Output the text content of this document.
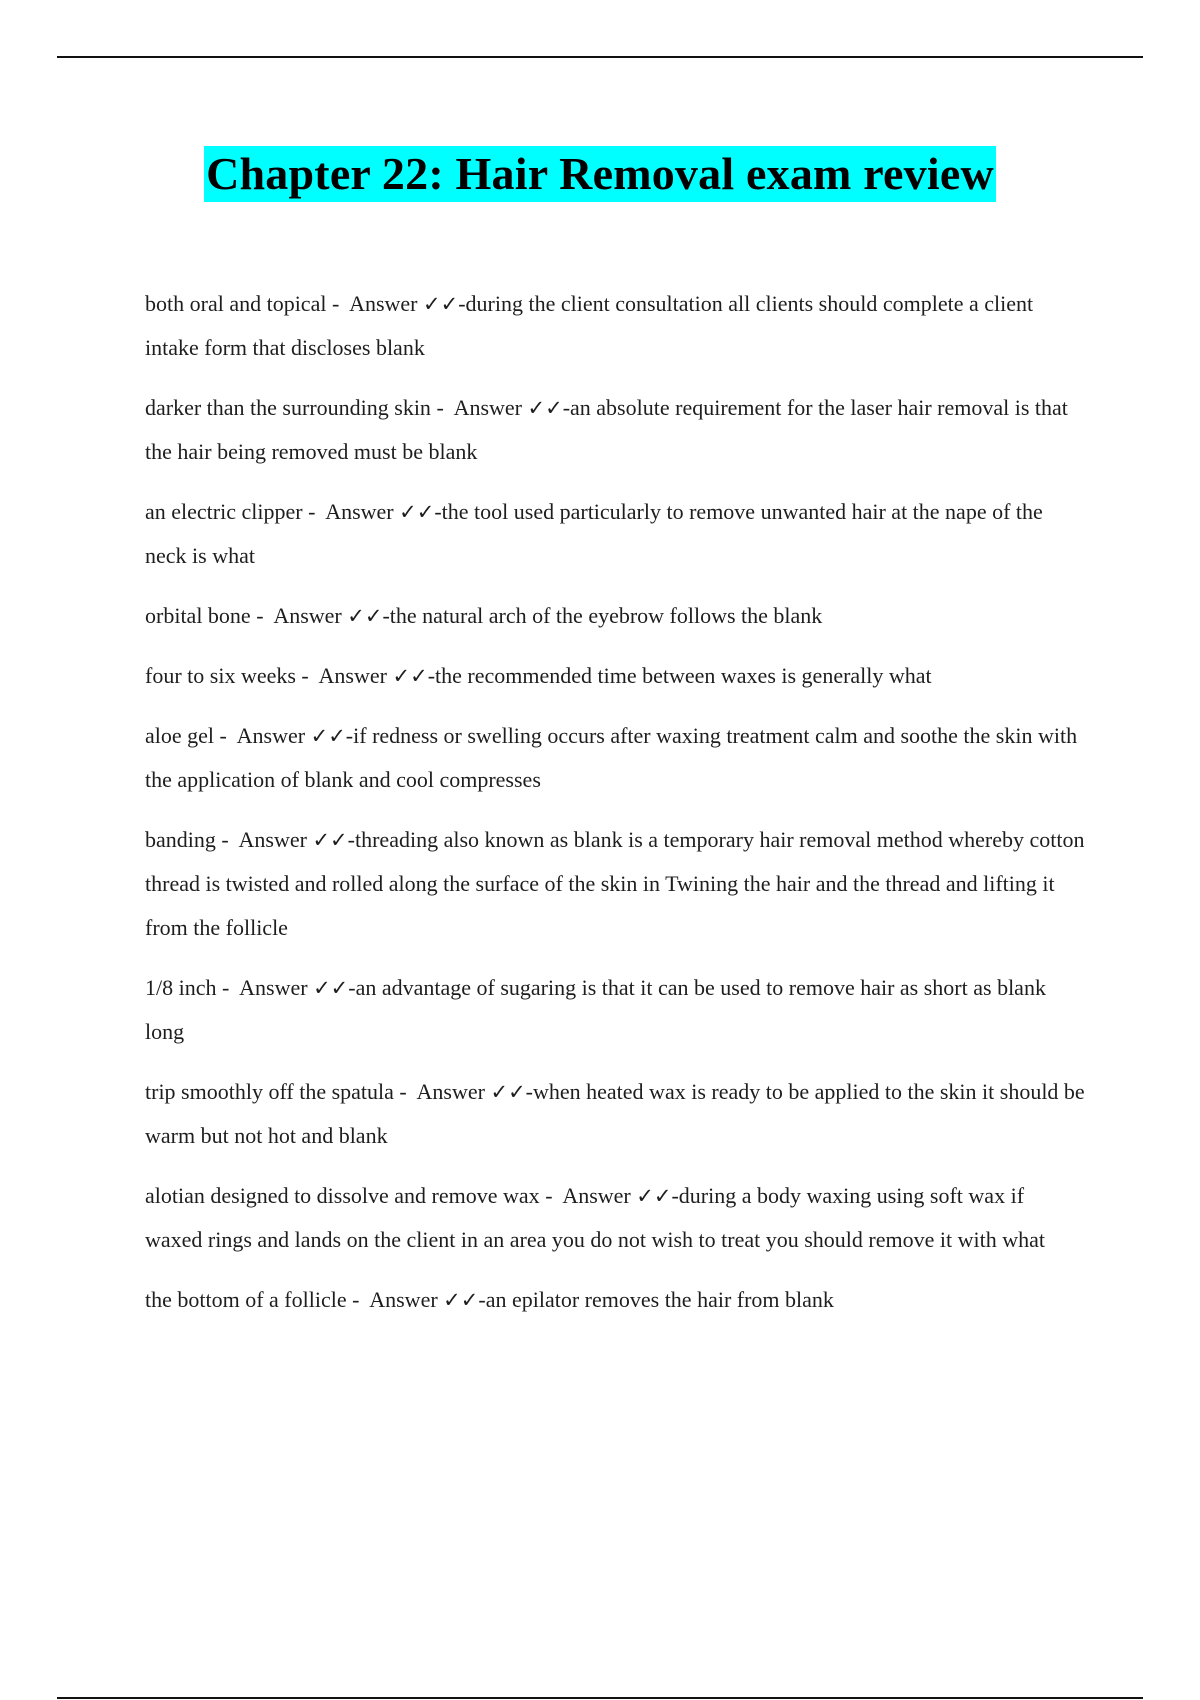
Chapter 22: Hair Removal exam review

both oral and topical -  Answer ✓✓-during the client consultation all clients should complete a client intake form that discloses blank

darker than the surrounding skin -  Answer ✓✓-an absolute requirement for the laser hair removal is that the hair being removed must be blank

an electric clipper -  Answer ✓✓-the tool used particularly to remove unwanted hair at the nape of the neck is what

orbital bone -  Answer ✓✓-the natural arch of the eyebrow follows the blank

four to six weeks -  Answer ✓✓-the recommended time between waxes is generally what

aloe gel -  Answer ✓✓-if redness or swelling occurs after waxing treatment calm and soothe the skin with the application of blank and cool compresses

banding -  Answer ✓✓-threading also known as blank is a temporary hair removal method whereby cotton thread is twisted and rolled along the surface of the skin in Twining the hair and the thread and lifting it from the follicle

1/8 inch -  Answer ✓✓-an advantage of sugaring is that it can be used to remove hair as short as blank long

trip smoothly off the spatula -  Answer ✓✓-when heated wax is ready to be applied to the skin it should be warm but not hot and blank

alotian designed to dissolve and remove wax -  Answer ✓✓-during a body waxing using soft wax if waxed rings and lands on the client in an area you do not wish to treat you should remove it with what

the bottom of a follicle -  Answer ✓✓-an epilator removes the hair from blank
